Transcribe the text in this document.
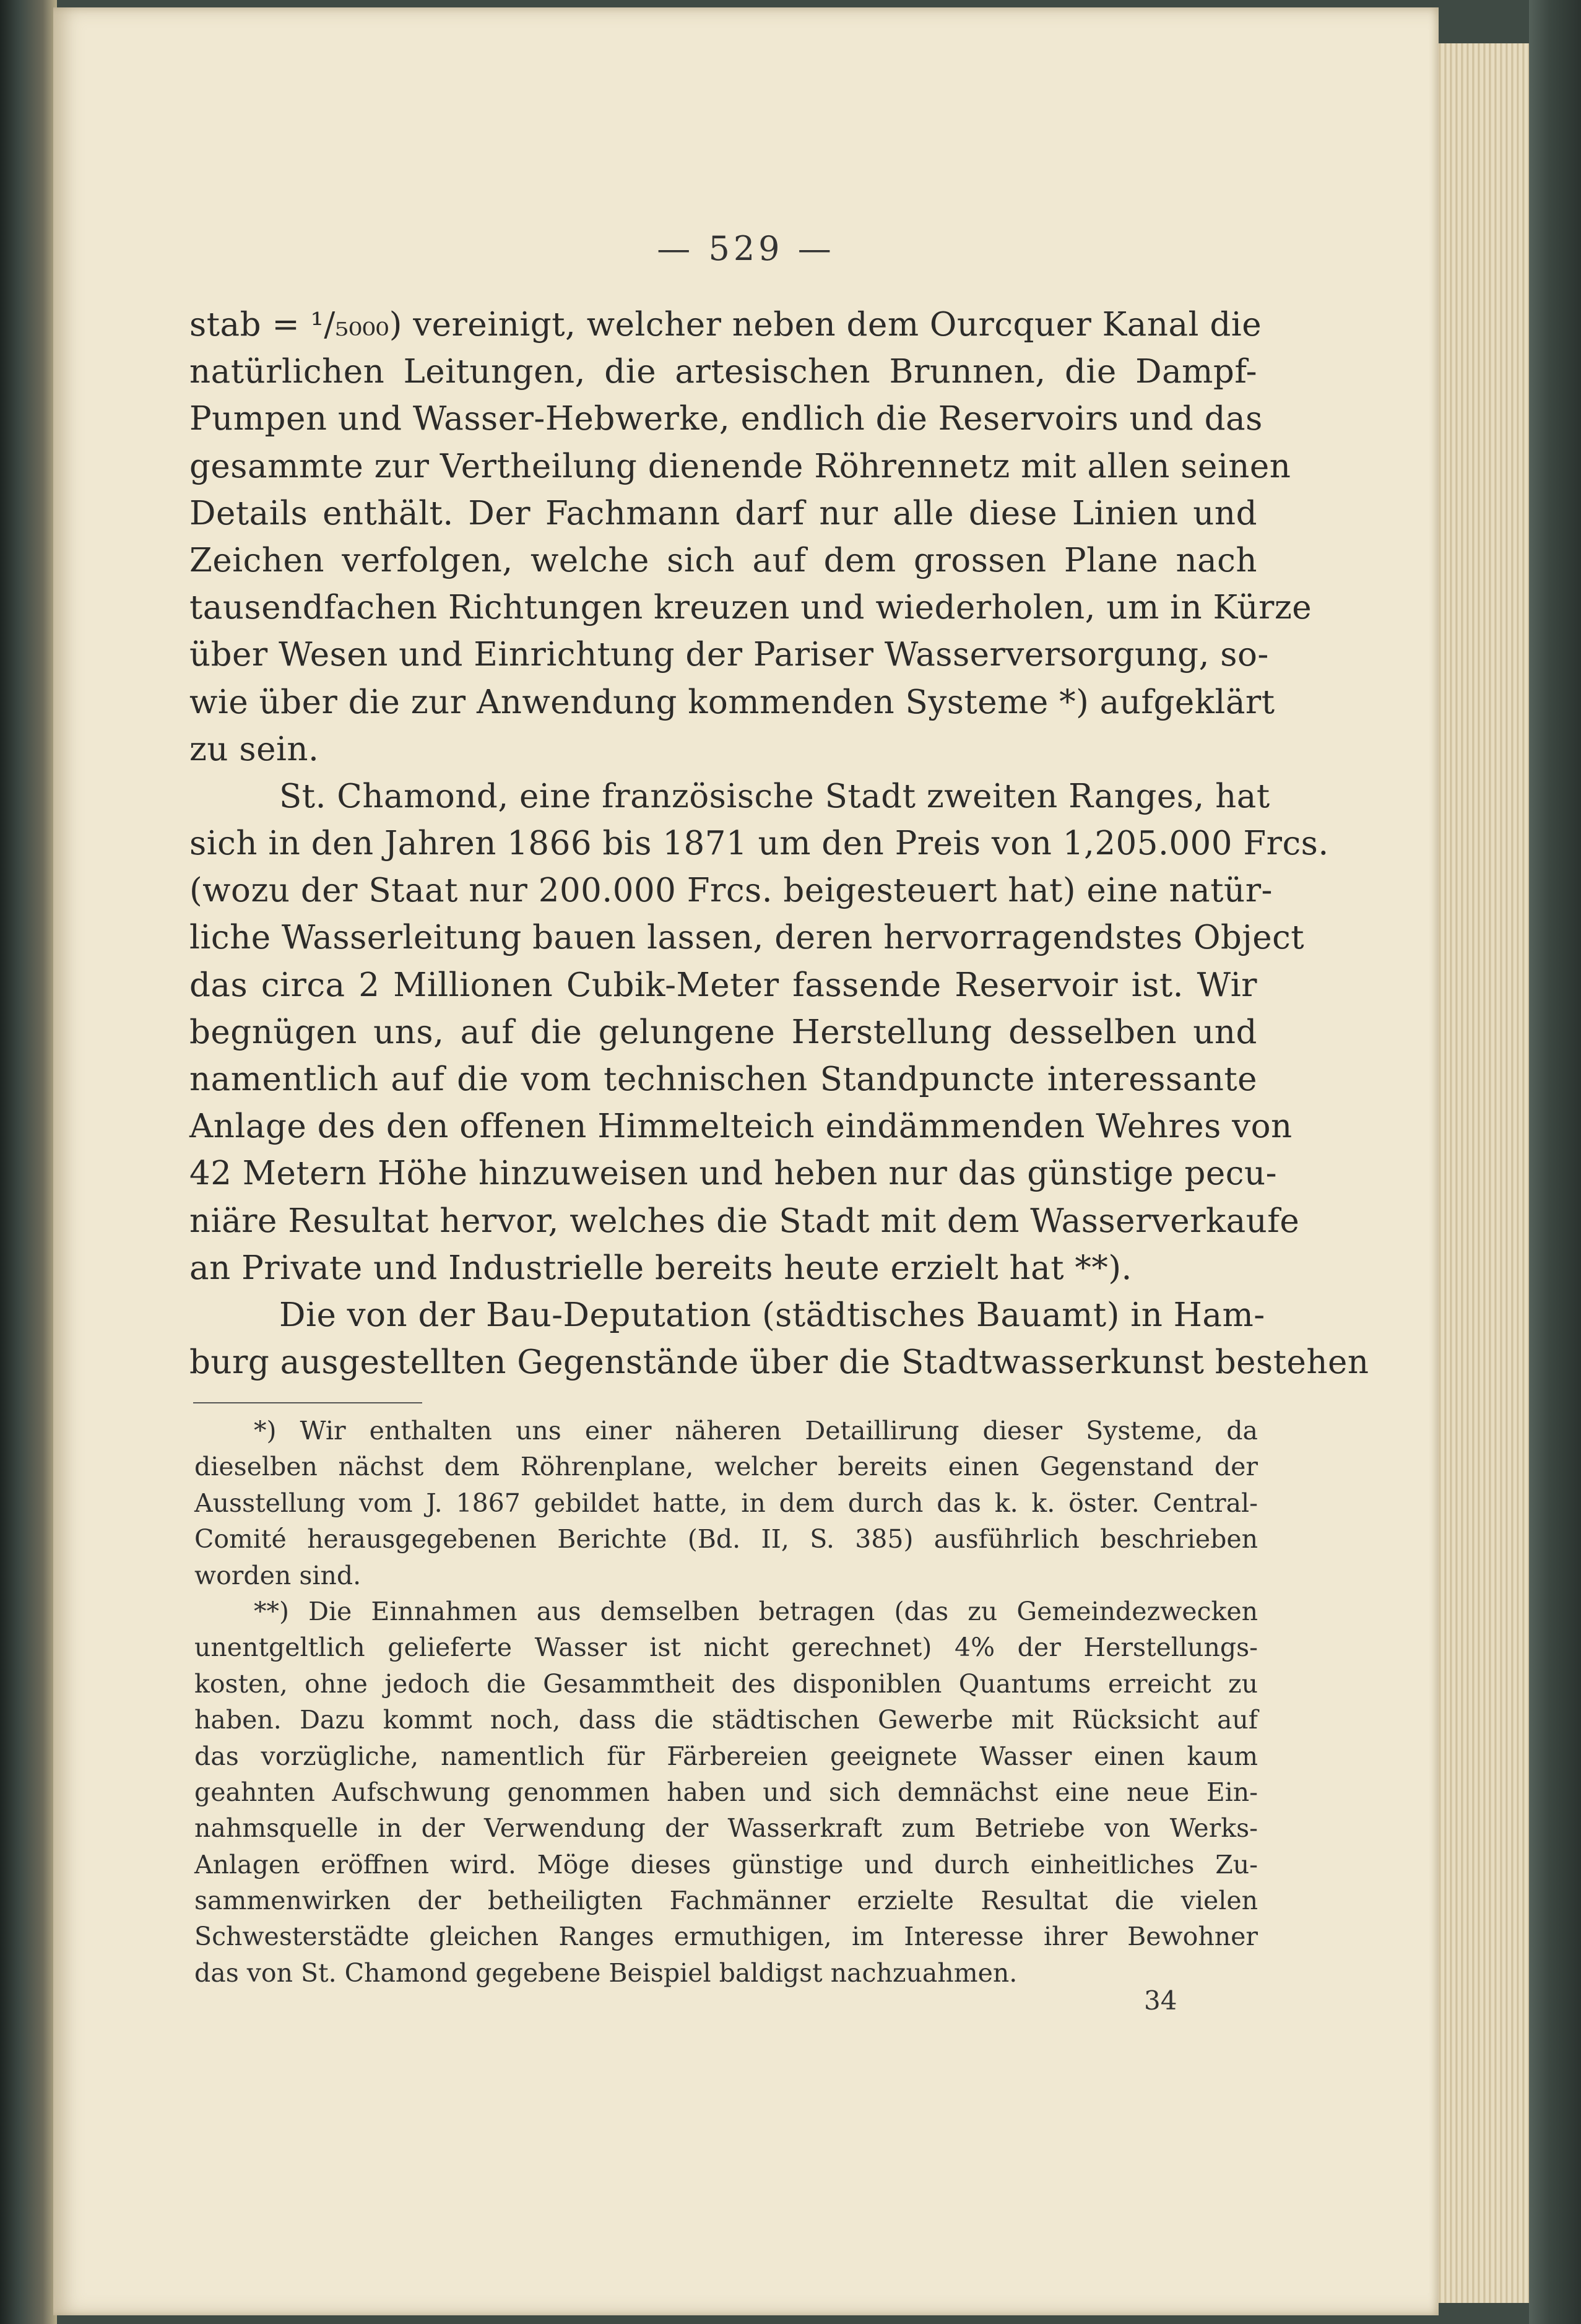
— 529 —
stab = ¹/₅₀₀₀) vereinigt, welcher neben dem Ourcquer Kanal die
natürlichen Leitungen, die artesischen Brunnen, die Dampf-
Pumpen und Wasser-Hebwerke, endlich die Reservoirs und das
gesammte zur Vertheilung dienende Röhrennetz mit allen seinen
Details enthält. Der Fachmann darf nur alle diese Linien und
Zeichen verfolgen, welche sich auf dem grossen Plane nach
tausendfachen Richtungen kreuzen und wiederholen, um in Kürze
über Wesen und Einrichtung der Pariser Wasserversorgung, so-
wie über die zur Anwendung kommenden Systeme *) aufgeklärt
zu sein.
St. Chamond, eine französische Stadt zweiten Ranges, hat
sich in den Jahren 1866 bis 1871 um den Preis von 1,205.000 Frcs.
(wozu der Staat nur 200.000 Frcs. beigesteuert hat) eine natür-
liche Wasserleitung bauen lassen, deren hervorragendstes Object
das circa 2 Millionen Cubik-Meter fassende Reservoir ist. Wir
begnügen uns, auf die gelungene Herstellung desselben und
namentlich auf die vom technischen Standpuncte interessante
Anlage des den offenen Himmelteich eindämmenden Wehres von
42 Metern Höhe hinzuweisen und heben nur das günstige pecu-
niäre Resultat hervor, welches die Stadt mit dem Wasserverkaufe
an Private und Industrielle bereits heute erzielt hat **).
Die von der Bau-Deputation (städtisches Bauamt) in Ham-
burg ausgestellten Gegenstände über die Stadtwasserkunst bestehen
*) Wir enthalten uns einer näheren Detaillirung dieser Systeme, da
dieselben nächst dem Röhrenplane, welcher bereits einen Gegenstand der
Ausstellung vom J. 1867 gebildet hatte, in dem durch das k. k. öster. Central-
Comité herausgegebenen Berichte (Bd. II, S. 385) ausführlich beschrieben
worden sind.
**) Die Einnahmen aus demselben betragen (das zu Gemeindezwecken
unentgeltlich gelieferte Wasser ist nicht gerechnet) 4% der Herstellungs-
kosten, ohne jedoch die Gesammtheit des disponiblen Quantums erreicht zu
haben. Dazu kommt noch, dass die städtischen Gewerbe mit Rücksicht auf
das vorzügliche, namentlich für Färbereien geeignete Wasser einen kaum
geahnten Aufschwung genommen haben und sich demnächst eine neue Ein-
nahmsquelle in der Verwendung der Wasserkraft zum Betriebe von Werks-
Anlagen eröffnen wird. Möge dieses günstige und durch einheitliches Zu-
sammenwirken der betheiligten Fachmänner erzielte Resultat die vielen
Schwesterstädte gleichen Ranges ermuthigen, im Interesse ihrer Bewohner
das von St. Chamond gegebene Beispiel baldigst nachzuahmen.
34
